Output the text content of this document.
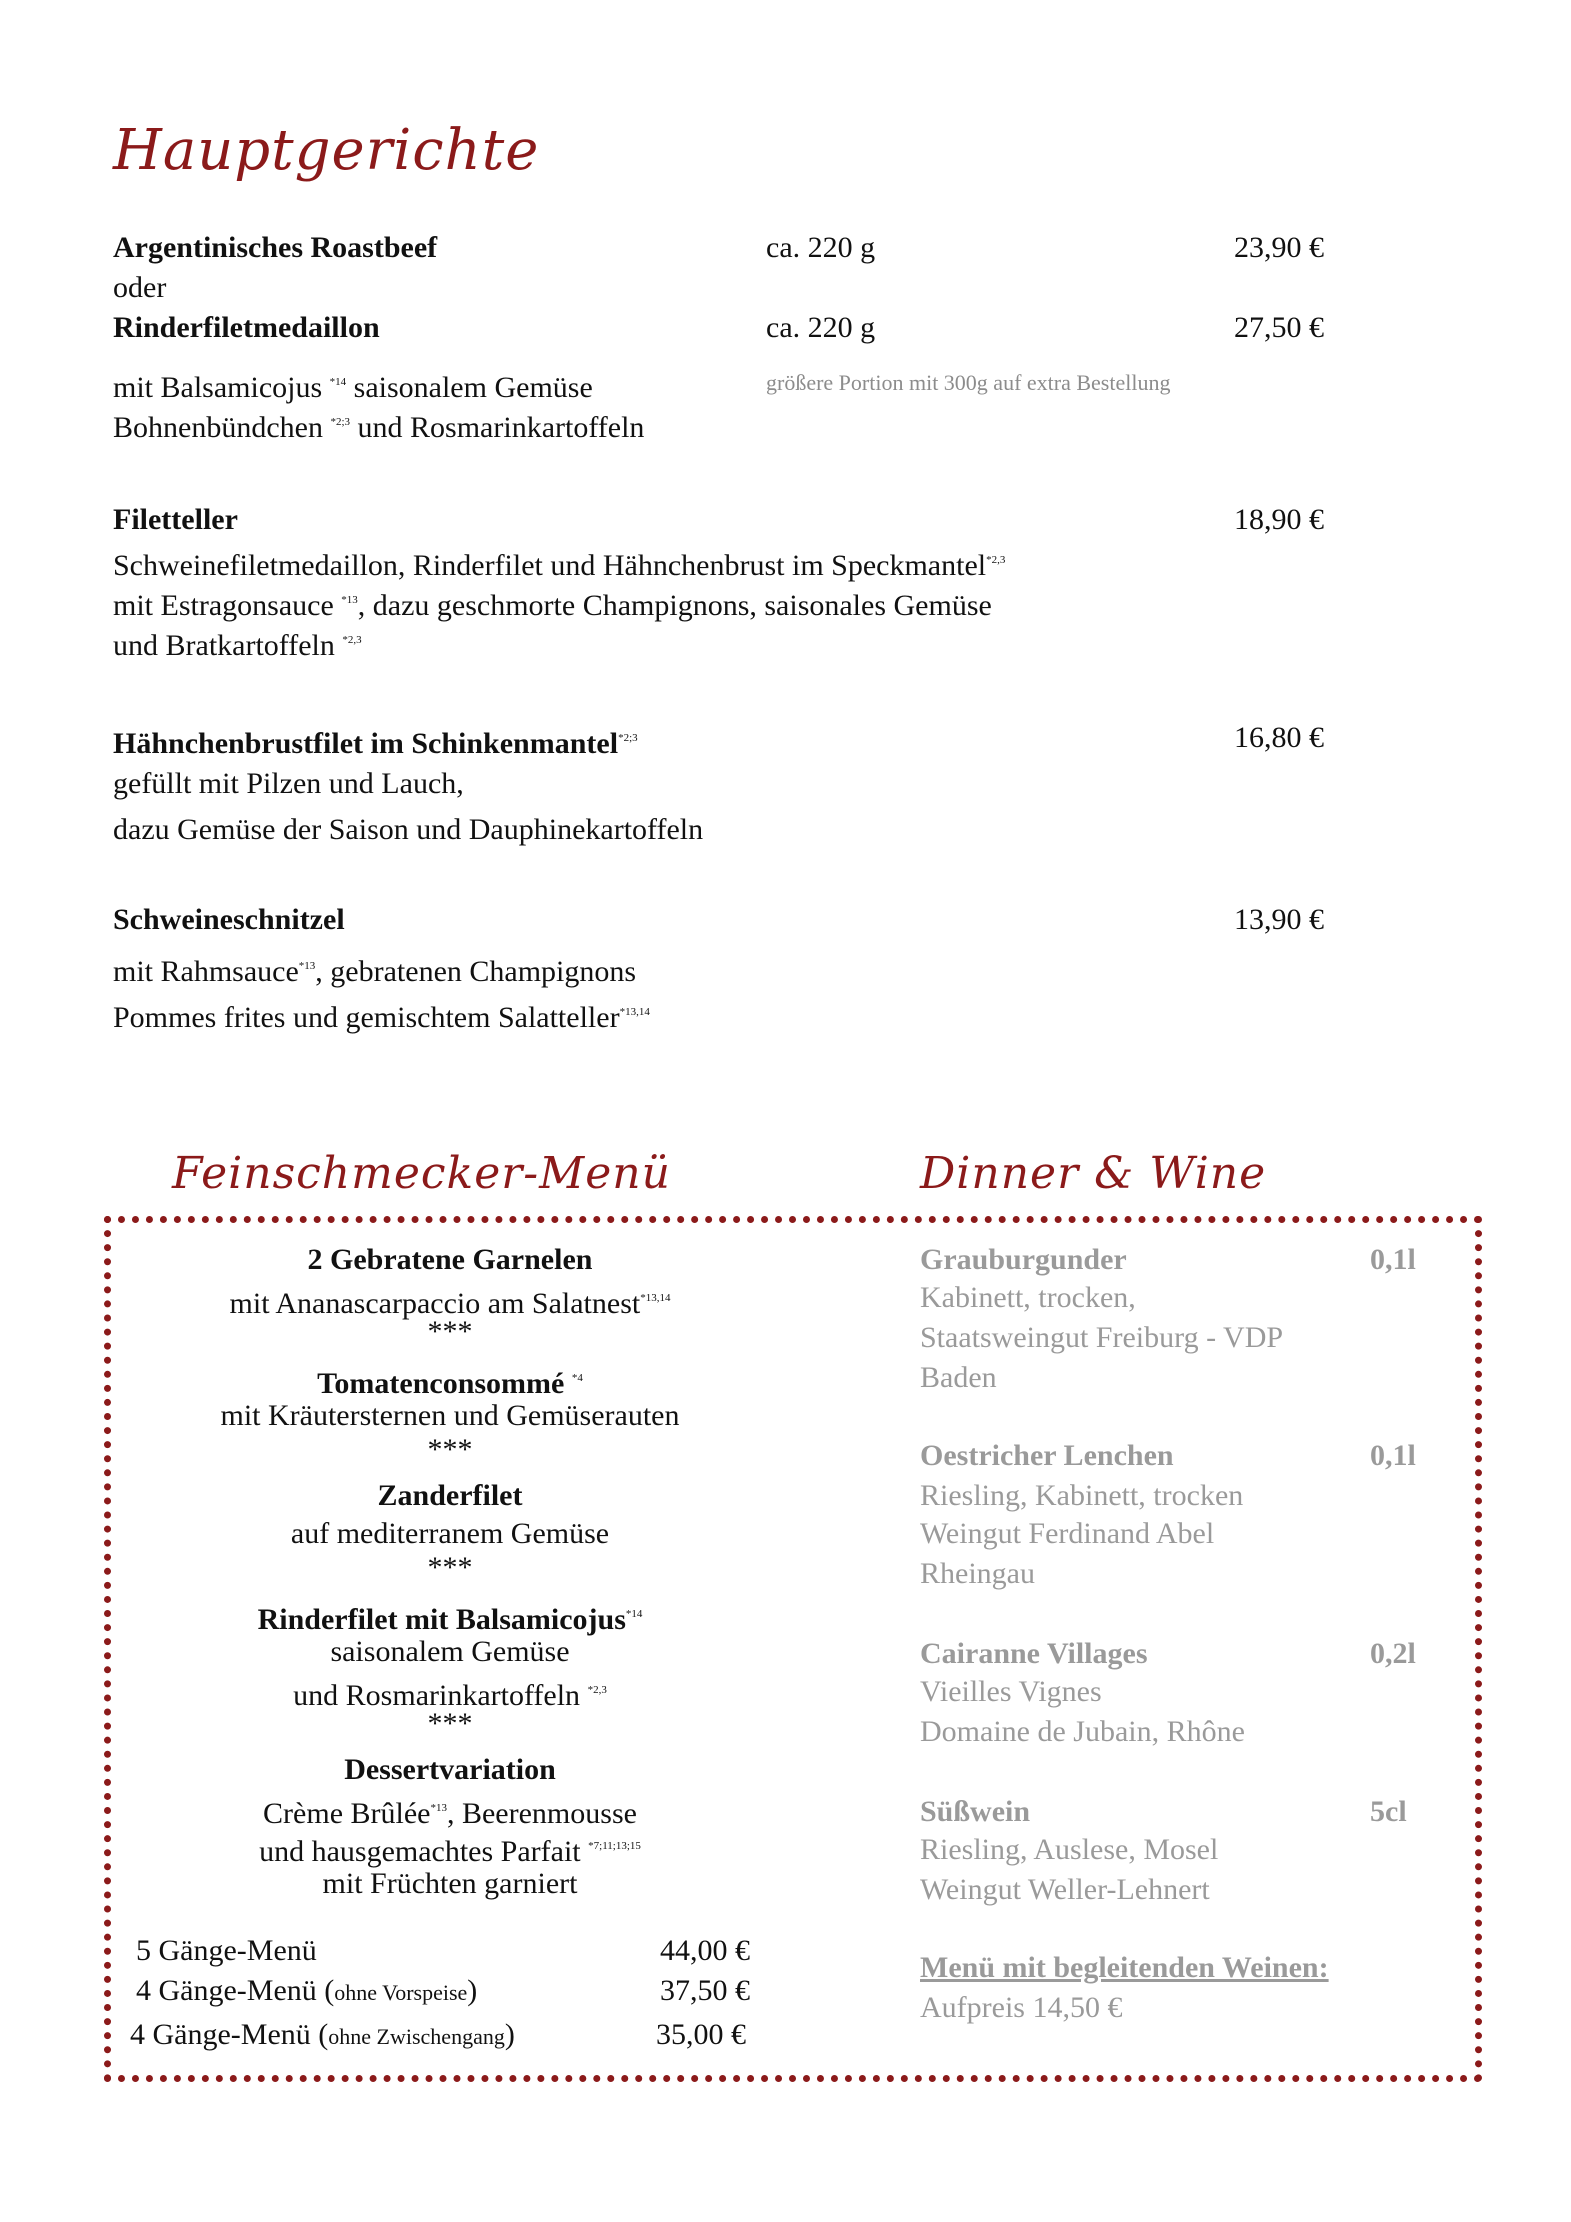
Hauptgerichte
Argentinisches Roastbeef	ca. 220 g	23,90 €
oder
Rinderfiletmedaillon	ca. 220 g	27,50 €
mit Balsamicojus $^{*14}$ saisonalem Gemüse
Bohnenbündchen $^{*2;3}$ und Rosmarinkartoffeln
größere Portion mit 300g auf extra Bestellung
Filetteller	18,90 €
Schweinefiletmedaillon, Rinderfilet und Hähnchenbrust im Speckmantel$^{*2,3}$
mit Estragonsauce $^{*13}$, dazu geschmorte Champignons, saisonales Gemüse
und Bratkartoffeln $^{*2,3}$
Hähnchenbrustfilet im Schinkenmantel$^{*2;3}$	16,80 €
gefüllt mit Pilzen und Lauch,
dazu Gemüse der Saison und Dauphinekartoffeln
Schweineschnitzel	13,90 €
mit Rahmsauce$^{*13}$, gebratenen Champignons
Pommes frites und gemischtem Salatteller$^{*13,14}$
Feinschmecker-Menü	Dinner & Wine
2 Gebratene Garnelen
mit Ananascarpaccio am Salatnest$^{*13,14}$
***
Tomatenconsommé $^{*4}$
mit Kräutersternen und Gemüserauten
***
Zanderfilet
auf mediterranem Gemüse
***
Rinderfilet mit Balsamicojus$^{*14}$
saisonalem Gemüse
und Rosmarinkartoffeln $^{*2,3}$
***
Dessertvariation
Crème Brûlée$^{*13}$, Beerenmousse
und hausgemachtes Parfait $^{*7;11;13;15}$
mit Früchten garniert
5 Gänge-Menü	44,00 €
4 Gänge-Menü (ohne Vorspeise)	37,50 €
4 Gänge-Menü (ohne Zwischengang)	35,00 €
Grauburgunder	0,1l
Kabinett, trocken,
Staatsweingut Freiburg - VDP
Baden
Oestricher Lenchen	0,1l
Riesling, Kabinett, trocken
Weingut Ferdinand Abel
Rheingau
Cairanne Villages	0,2l
Vieilles Vignes
Domaine de Jubain, Rhône
Süßwein	5cl
Riesling, Auslese, Mosel
Weingut Weller-Lehnert
Menü mit begleitenden Weinen:
Aufpreis 14,50 €
